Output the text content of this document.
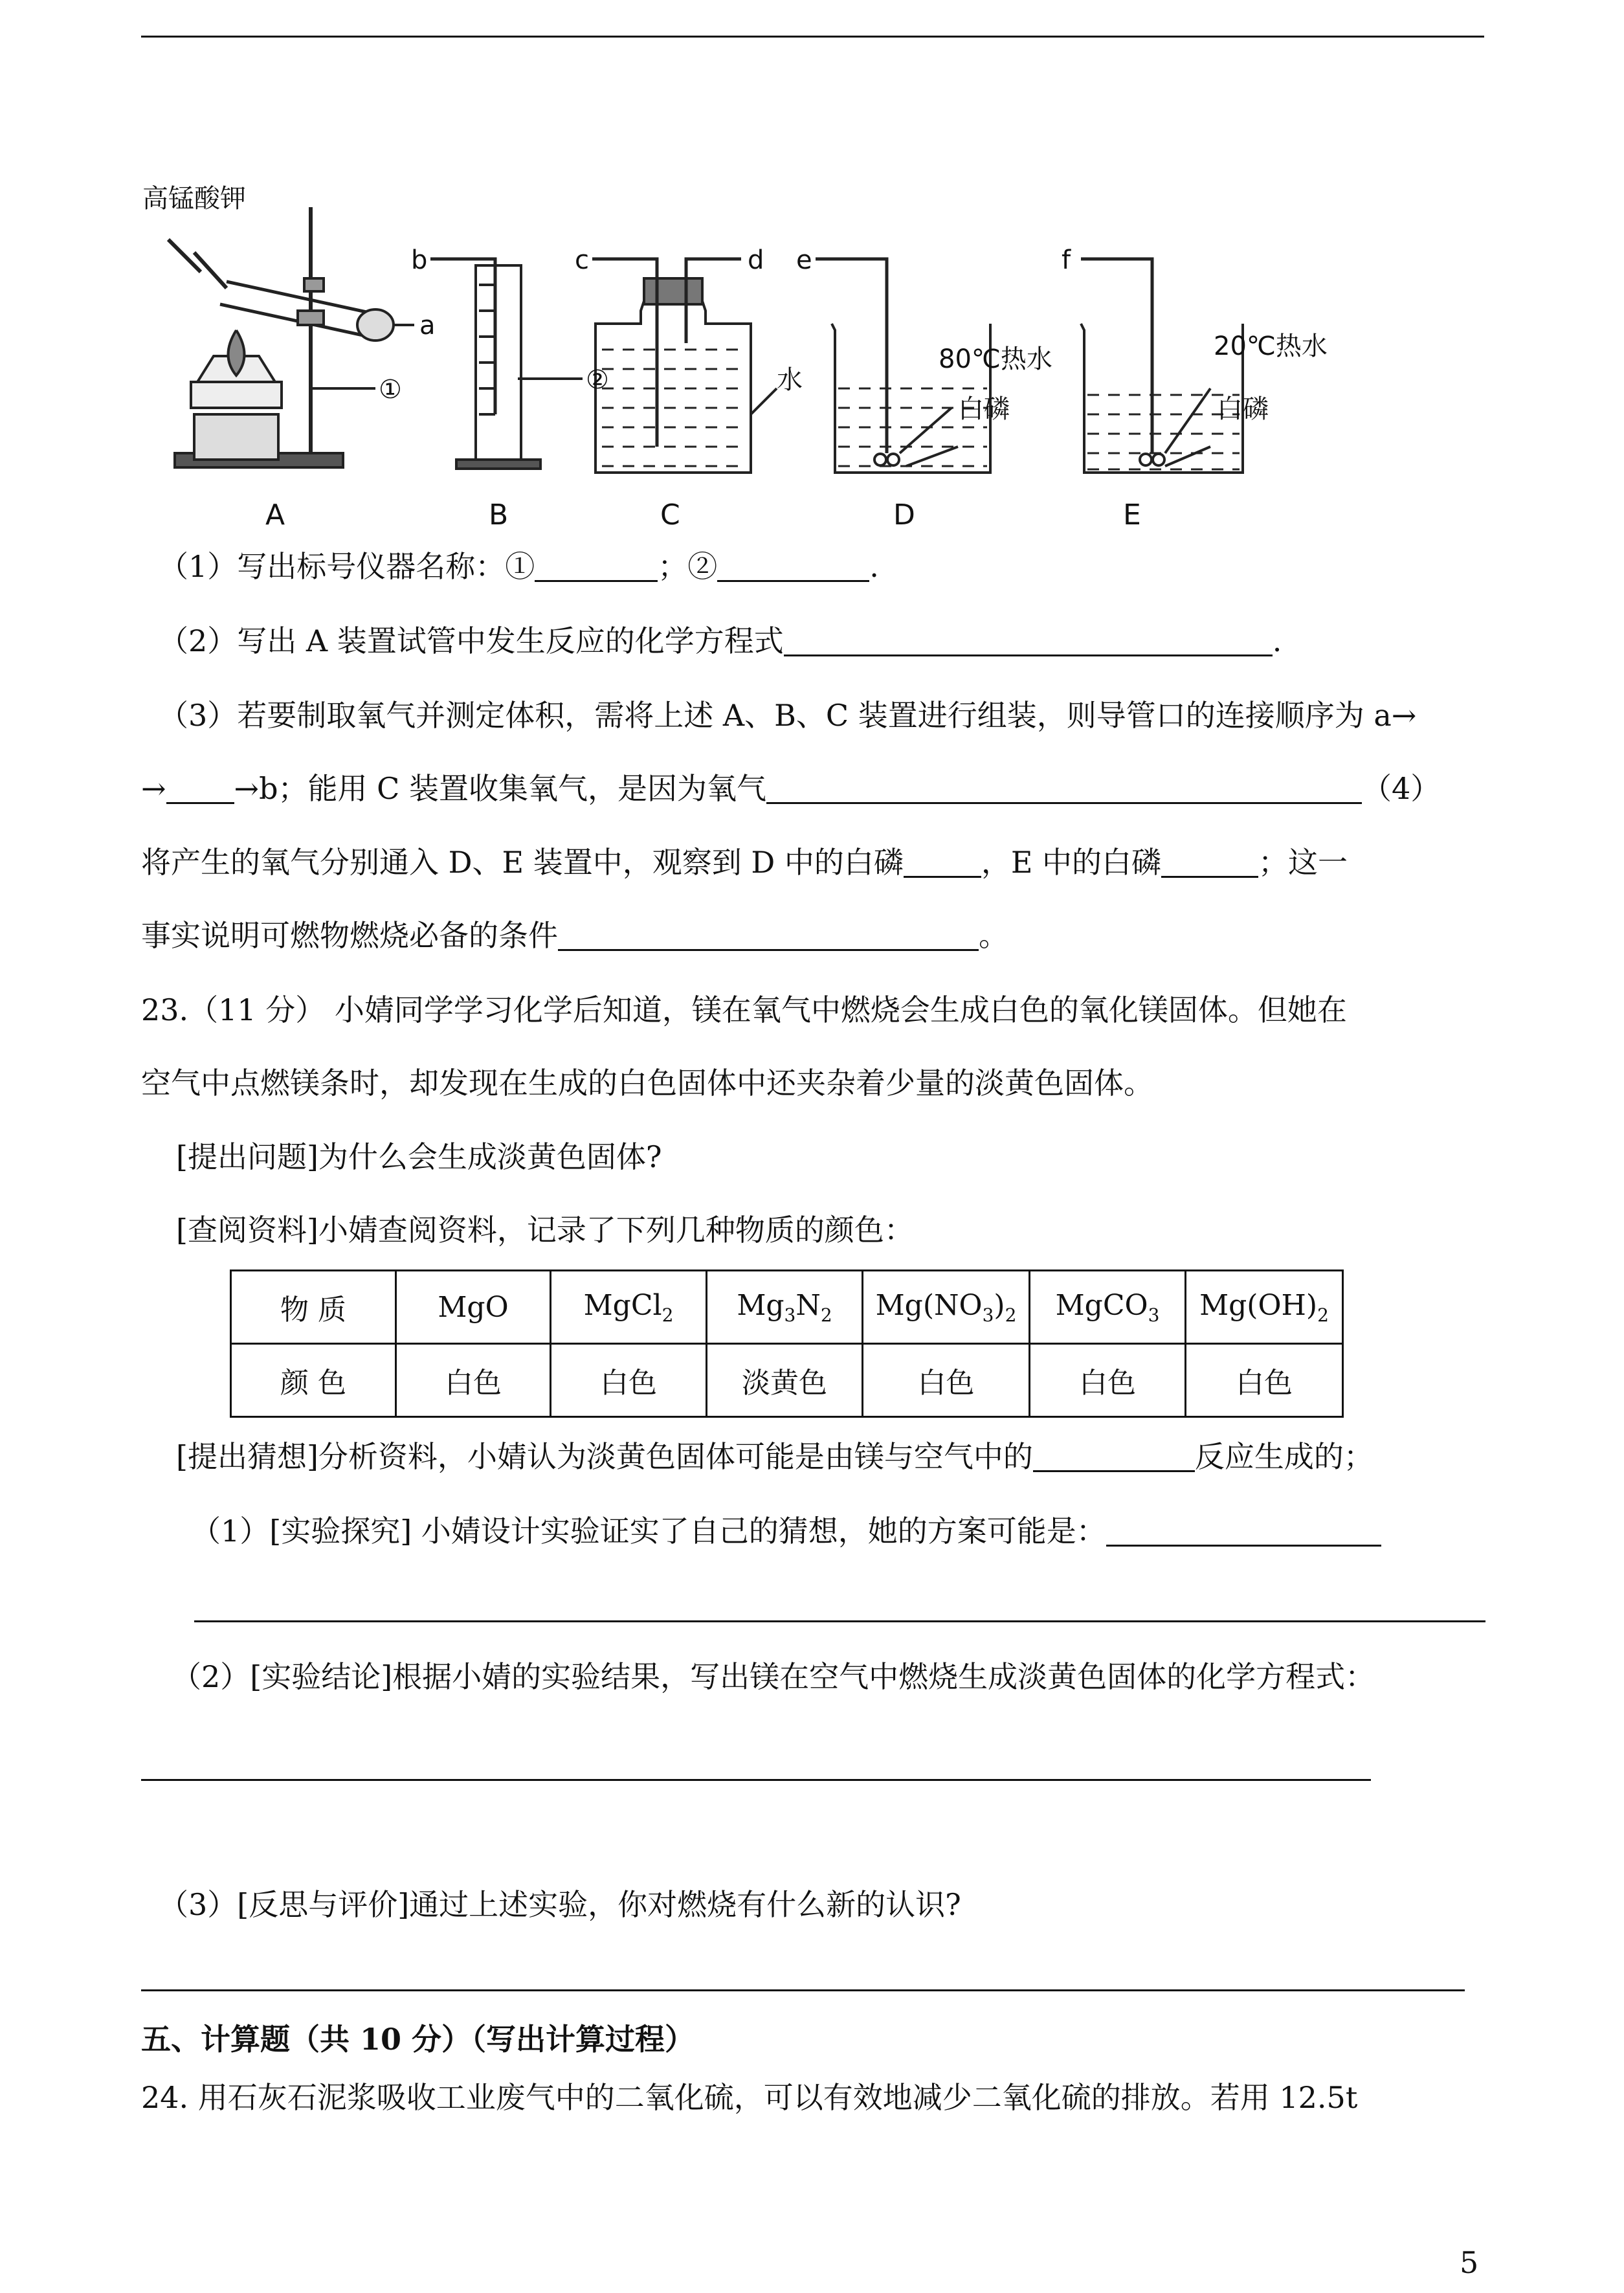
高锰酸钾
a
b	c	d e	f
①	②	水
80℃热水
白磷
20℃热水
白磷
A	B	C	D	E
（1）写出标号仪器名称：①	；②	.
（2）写出 A 装置试管中发生反应的化学方程式	.
（3）若要制取氧气并测定体积，需将上述 A、B、C 装置进行组装，则导管口的连接顺序为 a→
→ →b；能用 C 装置收集氧气，是因为氧气	（4）
将产生的氧气分别通入 D、E 装置中，观察到 D 中的白磷	，E 中的白磷	；这一
事实说明可燃物燃烧必备的条件	。
23.（11 分） 小婧同学学习化学后知道，镁在氧气中燃烧会生成白色的氧化镁固体。但她在
空气中点燃镁条时，却发现在生成的白色固体中还夹杂着少量的淡黄色固体。
[提出问题]为什么会生成淡黄色固体?
[查阅资料]小婧查阅资料，记录了下列几种物质的颜色：
物 质	MgO	MgCl$_2$	$Mg_3N_2$	$Mg(NO_3)_2$	MgCO$_3$	$Mg(OH)_2$
颜 色	白色	白色	淡黄色	白色	白色	白色
[提出猜想]分析资料，小婧认为淡黄色固体可能是由镁与空气中的	反应生成的；
（1）[实验探究] 小婧设计实验证实了自己的猜想，她的方案可能是：
（2）[实验结论]根据小婧的实验结果，写出镁在空气中燃烧生成淡黄色固体的化学方程式：
（3）[反思与评价]通过上述实验，你对燃烧有什么新的认识?
五、计算题（共 10 分）（写出计算过程）
24. 用石灰石泥浆吸收工业废气中的二氧化硫，可以有效地减少二氧化硫的排放。若用 12.5t
5
